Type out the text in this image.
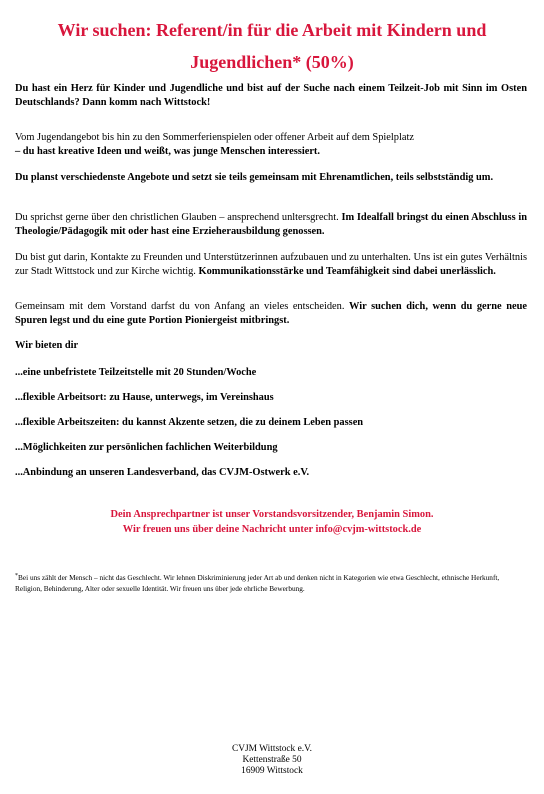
Wir suchen: Referent/in für die Arbeit mit Kindern und
Jugendlichen* (50%)

Du hast ein Herz für Kinder und Jugendliche und bist auf der Suche nach einem Teilzeit-Job mit Sinn im Osten Deutschlands? Dann komm nach Wittstock!

Vom Jugendangebot bis hin zu den Sommerferienspielen oder offener Arbeit auf dem Spielplatz
– du hast kreative Ideen und weißt, was junge Menschen interessiert.

Du planst verschiedenste Angebote und setzt sie teils gemeinsam mit Ehrenamtlichen, teils selbstständig um.

Du sprichst gerne über den christlichen Glauben – ansprechend unltersgrecht. Im Idealfall bringst du einen Abschluss in Theologie/Pädagogik mit oder hast eine Erzieherausbildung genossen.

Du bist gut darin, Kontakte zu Freunden und Unterstützerinnen aufzubauen und zu unterhalten. Uns ist ein gutes Verhältnis zur Stadt Wittstock und zur Kirche wichtig. Kommunikationsstärke und Teamfähigkeit sind dabei unerlässlich.

Gemeinsam mit dem Vorstand darfst du von Anfang an vieles entscheiden. Wir suchen dich, wenn du gerne neue Spuren legst und du eine gute Portion Pioniergeist mitbringst.

Wir bieten dir

...eine unbefristete Teilzeitstelle mit 20 Stunden/Woche

...flexible Arbeitsort: zu Hause, unterwegs, im Vereinshaus

...flexible Arbeitszeiten: du kannst Akzente setzen, die zu deinem Leben passen

...Möglichkeiten zur persönlichen fachlichen Weiterbildung

...Anbindung an unseren Landesverband, das CVJM-Ostwerk e.V.

Dein Ansprechpartner ist unser Vorstandsvorsitzender, Benjamin Simon.
Wir freuen uns über deine Nachricht unter info@cvjm-wittstock.de

*Bei uns zählt der Mensch – nicht das Geschlecht. Wir lehnen Diskriminierung jeder Art ab und denken nicht in Kategorien wie etwa Geschlecht, ethnische Herkunft, Religion, Behinderung, Alter oder sexuelle Identität. Wir freuen uns über jede ehrliche Bewerbung.

CVJM Wittstock e.V.
Kettenstraße 50
16909 Wittstock
